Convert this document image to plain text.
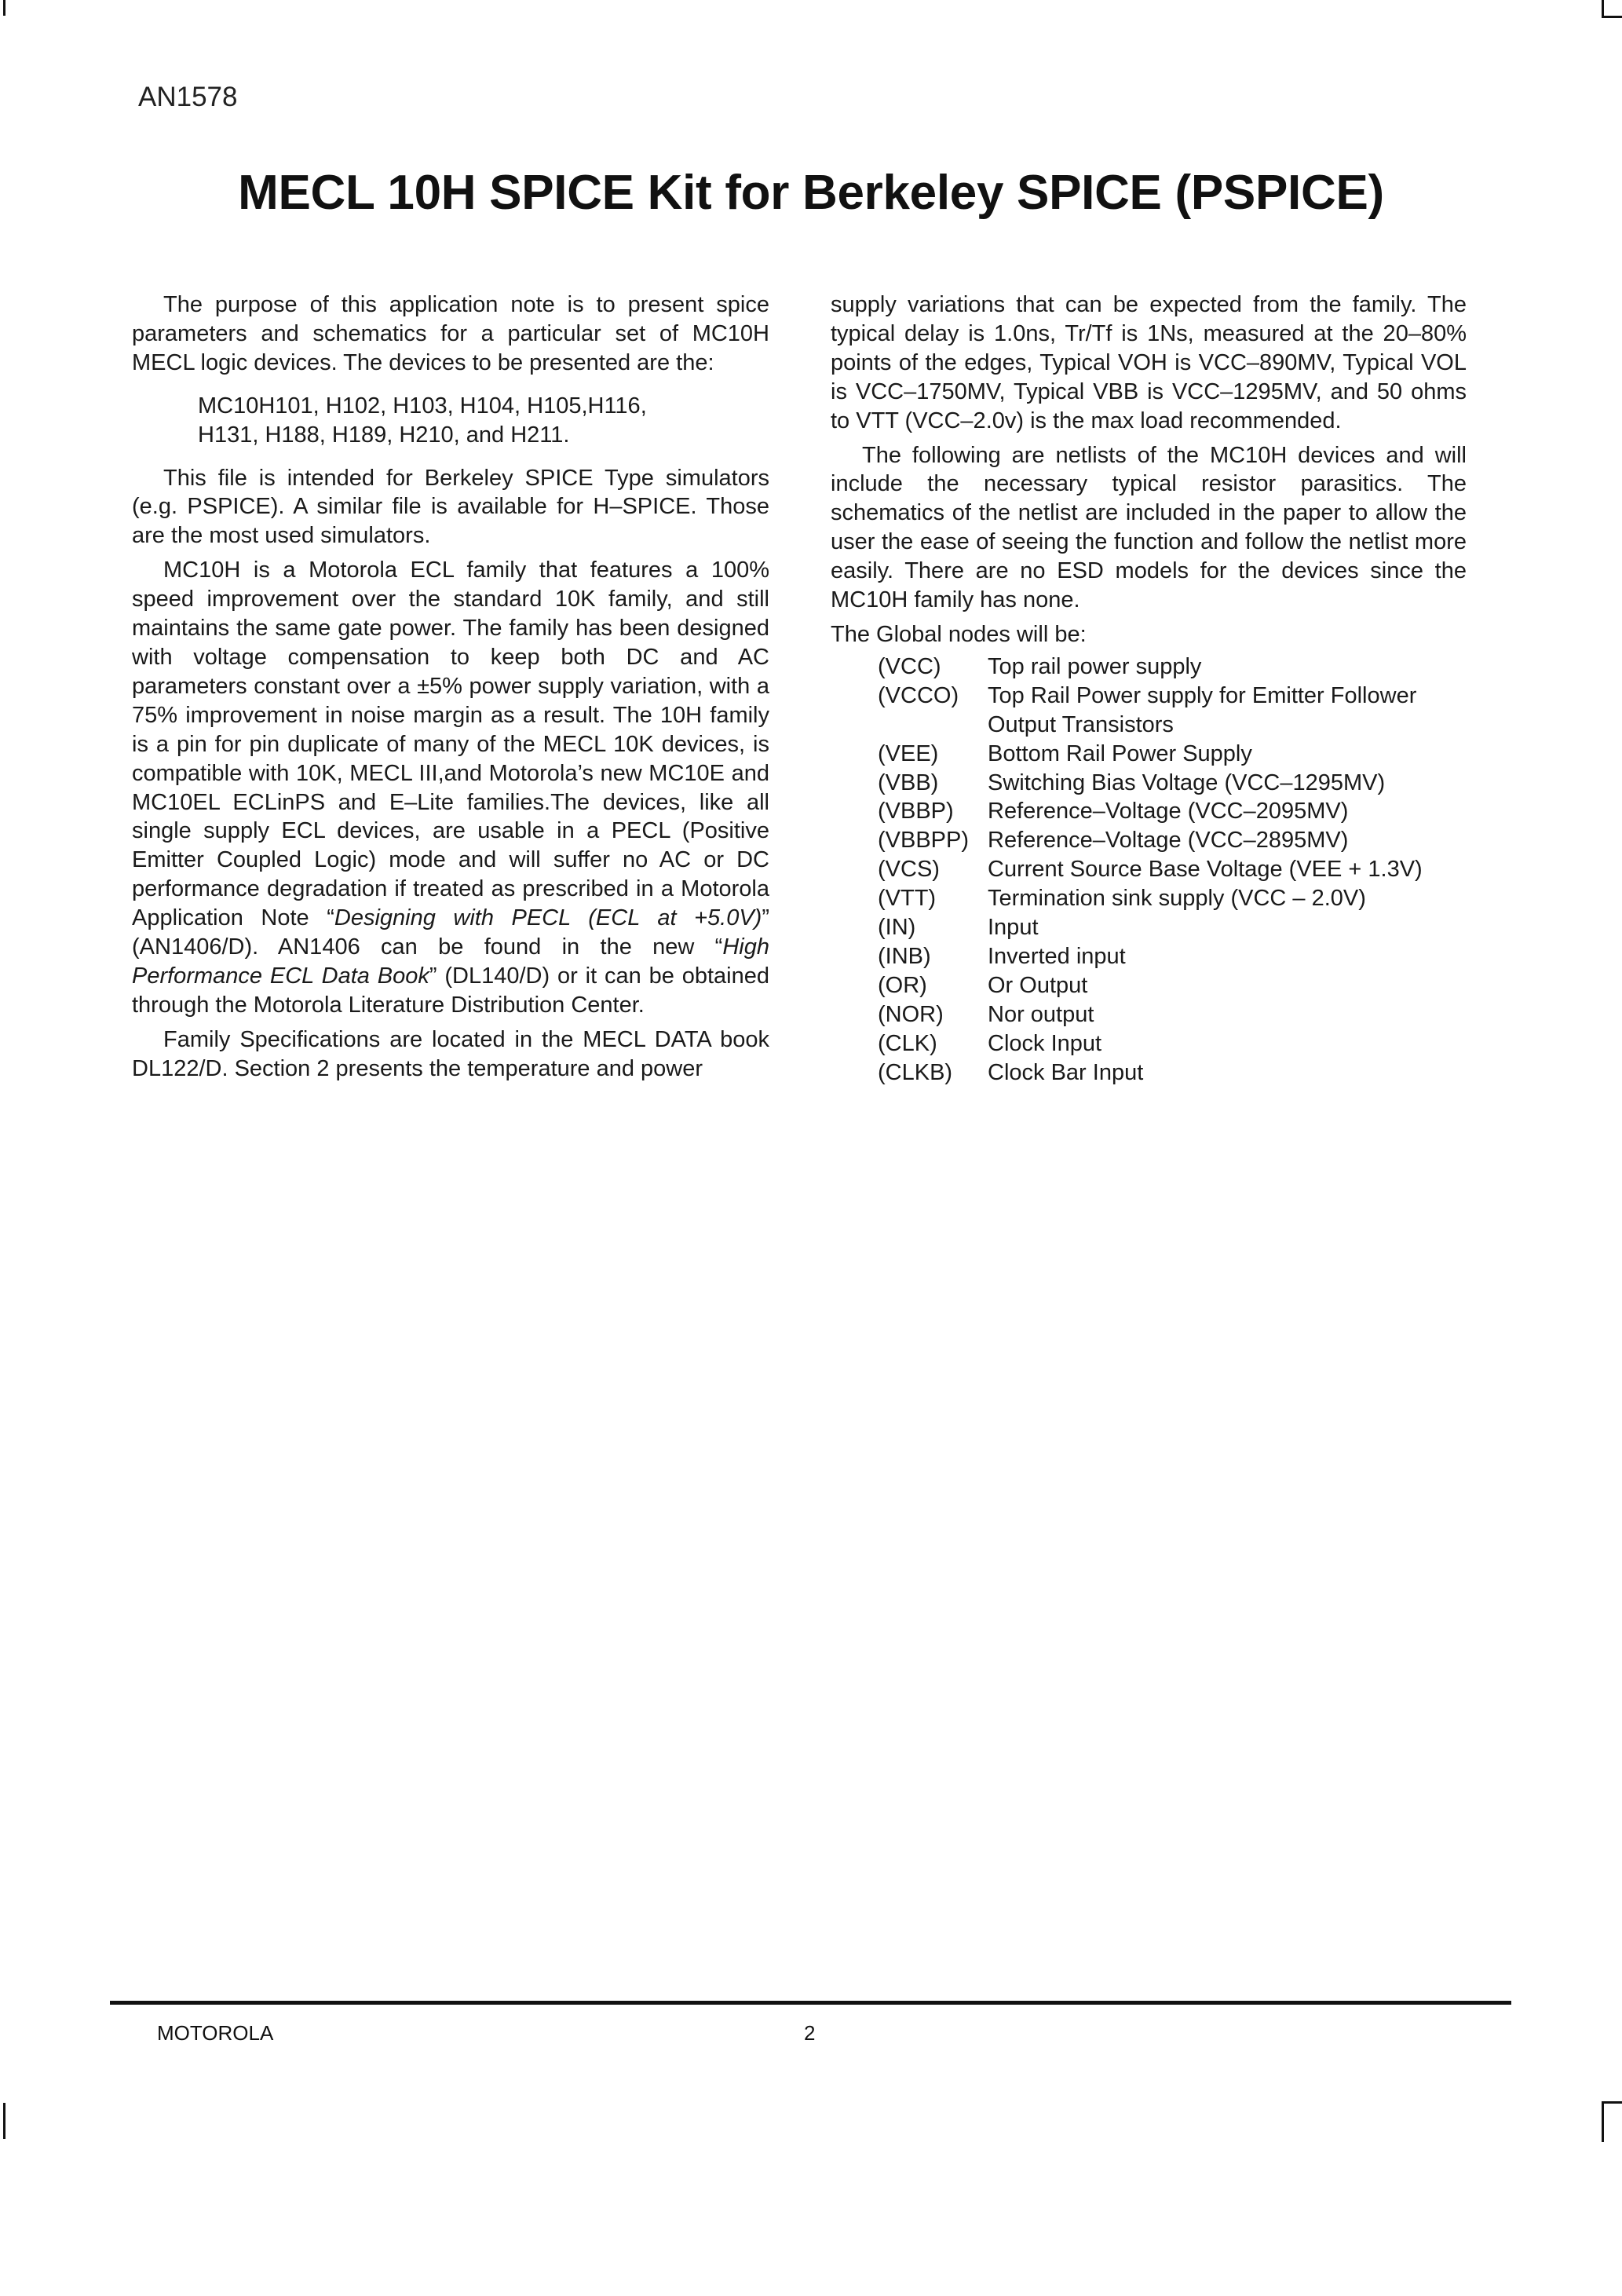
AN1578
MECL 10H SPICE Kit for Berkeley SPICE (PSPICE)

The purpose of this application note is to present spice parameters and schematics for a particular set of MC10H MECL logic devices. The devices to be presented are the:

MC10H101, H102, H103, H104, H105,H116,
H131, H188, H189, H210, and H211.

This file is intended for Berkeley SPICE Type simulators (e.g. PSPICE). A similar file is available for H–SPICE. Those are the most used simulators.

MC10H is a Motorola ECL family that features a 100% speed improvement over the standard 10K family, and still maintains the same gate power. The family has been designed with voltage compensation to keep both DC and AC parameters constant over a ±5% power supply variation, with a 75% improvement in noise margin as a result. The 10H family is a pin for pin duplicate of many of the MECL 10K devices, is compatible with 10K, MECL III,and Motorola’s new MC10E and MC10EL ECLinPS and E–Lite families.The devices, like all single supply ECL devices, are usable in a PECL (Positive Emitter Coupled Logic) mode and will suffer no AC or DC performance degradation if treated as prescribed in a Motorola Application Note “Designing with PECL (ECL at +5.0V)” (AN1406/D). AN1406 can be found in the new “High Performance ECL Data Book” (DL140/D) or it can be obtained through the Motorola Literature Distribution Center.

Family Specifications are located in the MECL DATA book DL122/D. Section 2 presents the temperature and power

supply variations that can be expected from the family. The typical delay is 1.0ns, Tr/Tf is 1Ns, measured at the 20–80% points of the edges, Typical VOH is VCC–890MV, Typical VOL is VCC–1750MV, Typical VBB is VCC–1295MV, and 50 ohms to VTT (VCC–2.0v) is the max load recommended.

The following are netlists of the MC10H devices and will include the necessary typical resistor parasitics. The schematics of the netlist are included in the paper to allow the user the ease of seeing the function and follow the netlist more easily. There are no ESD models for the devices since the MC10H family has none.

The Global nodes will be:

(VCC)	Top rail power supply
(VCCO)	Top Rail Power supply for Emitter Follower Output Transistors
(VEE)	Bottom Rail Power Supply
(VBB)	Switching Bias Voltage (VCC–1295MV)
(VBBP)	Reference–Voltage (VCC–2095MV)
(VBBPP) Reference–Voltage (VCC–2895MV)
(VCS)	Current Source Base Voltage (VEE + 1.3V)
(VTT)	Termination sink supply (VCC – 2.0V)
(IN)	Input
(INB)	Inverted input
(OR)	Or Output
(NOR)	Nor output
(CLK)	Clock Input
(CLKB)	Clock Bar Input
MOTOROLA	2
